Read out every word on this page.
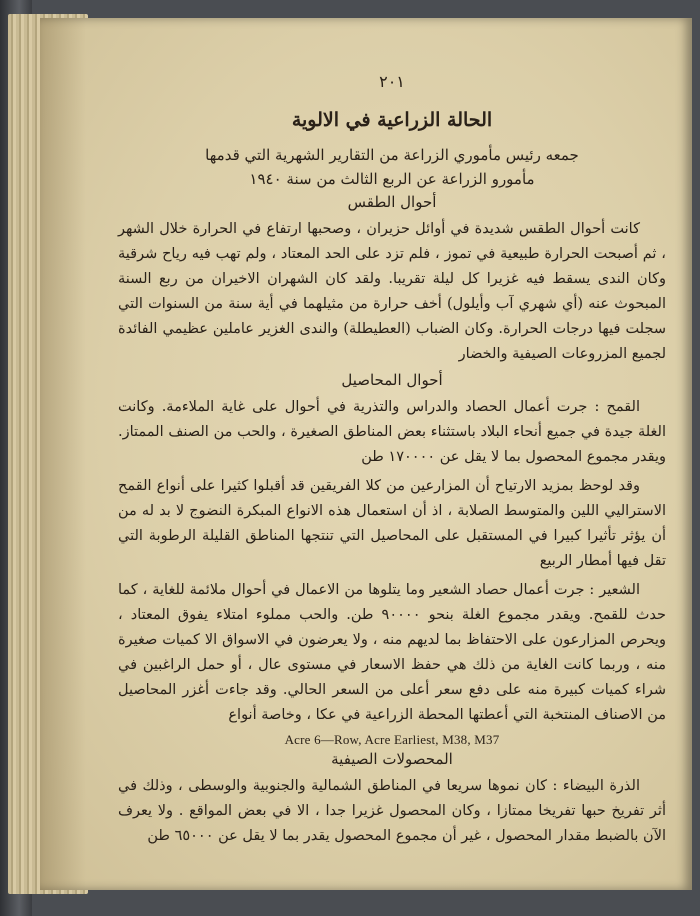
٢٠١
الحالة الزراعية في الالوية
جمعه رئيس مأموري الزراعة من التقارير الشهرية التي قدمها
مأمورو الزراعة عن الربع الثالث من سنة ١٩٤٠
أحوال الطقس

كانت أحوال الطقس شديدة في أوائل حزيران ، وصحبها ارتفاع في الحرارة خلال الشهر ، ثم أصبحت الحرارة طبيعية في تموز ، فلم تزد على الحد المعتاد ، ولم تهب فيه رياح شرقية وكان الندى يسقط فيه غزيرا كل ليلة تقريبا. ولقد كان الشهران الاخيران من ربع السنة المبحوث عنه (أي شهري آب وأيلول) أخف حرارة من مثيلهما في أية سنة من السنوات التي سجلت فيها درجات الحرارة. وكان الضباب (العطيطلة) والندى الغزير عاملين عظيمي الفائدة لجميع المزروعات الصيفية والخضار

أحوال المحاصيل

القمح : جرت أعمال الحصاد والدراس والتذرية في أحوال على غاية الملاءمة. وكانت الغلة جيدة في جميع أنحاء البلاد باستثناء بعض المناطق الصغيرة ، والحب من الصنف الممتاز. ويقدر مجموع المحصول بما لا يقل عن ١٧٠٠٠٠ طن

وقد لوحظ بمزيد الارتياح أن المزارعين من كلا الفريقين قد أقبلوا كثيرا على أنواع القمح الاستراليي اللين والمتوسط الصلابة ، اذ أن استعمال هذه الانواع المبكرة النضوج لا بد له من أن يؤثر تأثيرا كبيرا في المستقبل على المحاصيل التي تنتجها المناطق القليلة الرطوبة التي تقل فيها أمطار الربيع

الشعير : جرت أعمال حصاد الشعير وما يتلوها من الاعمال في أحوال ملائمة للغاية ، كما حدث للقمح. ويقدر مجموع الغلة بنحو ٩٠٠٠٠ طن. والحب مملوء امتلاء يفوق المعتاد ، ويحرص المزارعون على الاحتفاظ بما لديهم منه ، ولا يعرضون في الاسواق الا كميات صغيرة منه ، وربما كانت الغاية من ذلك هي حفظ الاسعار في مستوى عال ، أو حمل الراغبين في شراء كميات كبيرة منه على دفع سعر أعلى من السعر الحالي. وقد جاءت أغزر المحاصيل من الاصناف المنتخبة التي أعطتها المحطة الزراعية في عكا ، وخاصة أنواع

Acre 6—Row, Acre Earliest, M38, M37
المحصولات الصيفية

الذرة البيضاء : كان نموها سريعا في المناطق الشمالية والجنوبية والوسطى ، وذلك في أثر تفريخ حبها تفريخا ممتازا ، وكان المحصول غزيرا جدا ، الا في بعض المواقع . ولا يعرف الآن بالضبط مقدار المحصول ، غير أن مجموع المحصول يقدر بما لا يقل عن ٦٥٠٠٠ طن
